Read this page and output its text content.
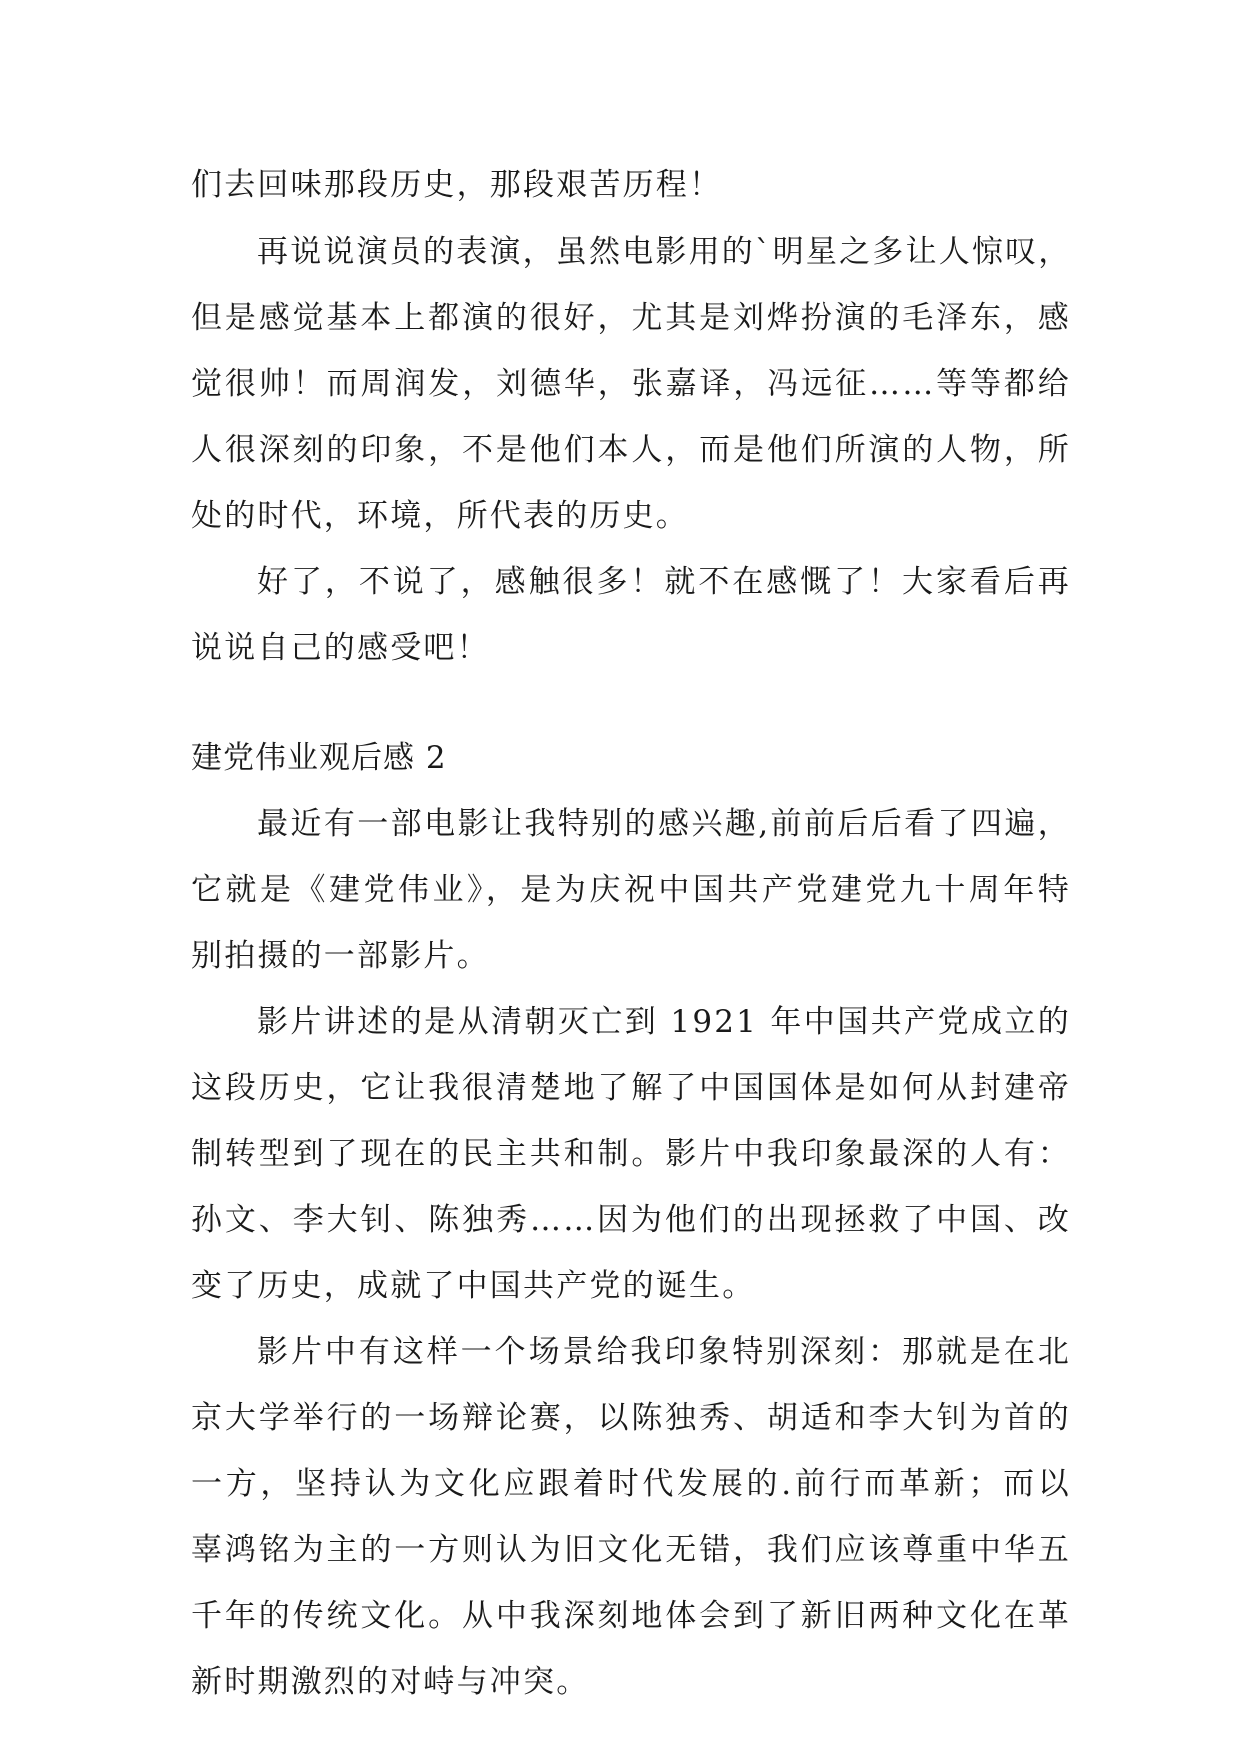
们去回味那段历史，那段艰苦历程！
再说说演员的表演，虽然电影用的`明星之多让人惊叹，
但是感觉基本上都演的很好，尤其是刘烨扮演的毛泽东，感
觉很帅！而周润发，刘德华，张嘉译，冯远征……等等都给
人很深刻的印象，不是他们本人，而是他们所演的人物，所
处的时代，环境，所代表的历史。
好了，不说了，感触很多！就不在感慨了！大家看后再
说说自己的感受吧！
建党伟业观后感 2
最近有一部电影让我特别的感兴趣,前前后后看了四遍，
它就是《建党伟业》，是为庆祝中国共产党建党九十周年特
别拍摄的一部影片。
影片讲述的是从清朝灭亡到 1921 年中国共产党成立的
这段历史，它让我很清楚地了解了中国国体是如何从封建帝
制转型到了现在的民主共和制。影片中我印象最深的人有：
孙文、李大钊、陈独秀……因为他们的出现拯救了中国、改
变了历史，成就了中国共产党的诞生。
影片中有这样一个场景给我印象特别深刻：那就是在北
京大学举行的一场辩论赛，以陈独秀、胡适和李大钊为首的
一方，坚持认为文化应跟着时代发展的.前行而革新；而以
辜鸿铭为主的一方则认为旧文化无错，我们应该尊重中华五
千年的传统文化。从中我深刻地体会到了新旧两种文化在革
新时期激烈的对峙与冲突。
